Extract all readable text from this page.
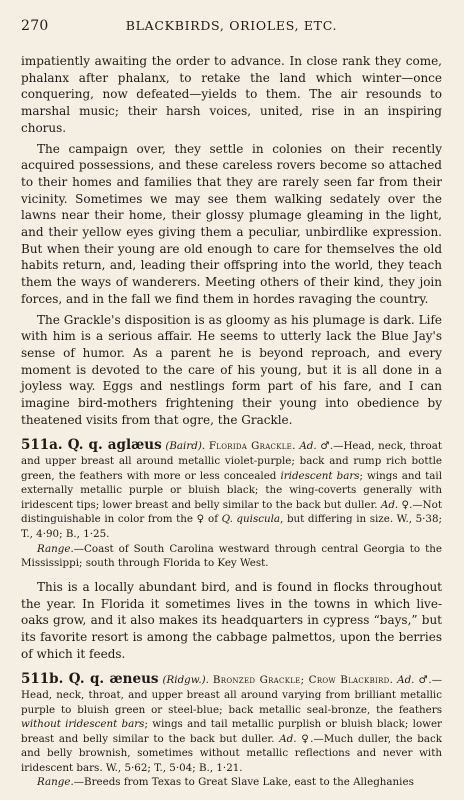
270	BLACKBIRDS, ORIOLES, ETC.

impatiently awaiting the order to advance. In close rank they come, phalanx after phalanx, to retake the land which winter—once conquering, now defeated—yields to them. The air resounds to marshal music; their harsh voices, united, rise in an inspiring chorus.

The campaign over, they settle in colonies on their recently acquired possessions, and these careless rovers become so attached to their homes and families that they are rarely seen far from their vicinity. Sometimes we may see them walking sedately over the lawns near their home, their glossy plumage gleaming in the light, and their yellow eyes giving them a peculiar, unbirdlike expression. But when their young are old enough to care for themselves the old habits return, and, leading their offspring into the world, they teach them the ways of wanderers. Meeting others of their kind, they join forces, and in the fall we find them in hordes ravaging the country.

The Grackle's disposition is as gloomy as his plumage is dark. Life with him is a serious affair. He seems to utterly lack the Blue Jay's sense of humor. As a parent he is beyond reproach, and every moment is devoted to the care of his young, but it is all done in a joyless way. Eggs and nestlings form part of his fare, and I can imagine bird-mothers frightening their young into obedience by theatened visits from that ogre, the Grackle.

511a. Q. q. aglæus (Baird). Florida Grackle. Ad. ♂.—Head, neck, throat and upper breast all around metallic violet-purple; back and rump rich bottle green, the feathers with more or less concealed iridescent bars; wings and tail externally metallic purple or bluish black; the wing-coverts generally with iridescent tips; lower breast and belly similar to the back but duller. Ad. ♀.—Not distinguishable in color from the ♀ of Q. quiscula, but differing in size. W., 5·38; T., 4·90; B., 1·25.

Range.—Coast of South Carolina westward through central Georgia to the Mississippi; south through Florida to Key West.

This is a locally abundant bird, and is found in flocks throughout the year. In Florida it sometimes lives in the towns in which live-oaks grow, and it also makes its headquarters in cypress “bays,” but its favorite resort is among the cabbage palmettos, upon the berries of which it feeds.

511b. Q. q. æneus (Ridgw.). Bronzed Grackle; Crow Blackbird. Ad. ♂.—Head, neck, throat, and upper breast all around varying from brilliant metallic purple to bluish green or steel-blue; back metallic seal-bronze, the feathers without iridescent bars; wings and tail metallic purplish or bluish black; lower breast and belly similar to the back but duller. Ad. ♀.—Much duller, the back and belly brownish, sometimes without metallic reflections and never with iridescent bars. W., 5·62; T., 5·04; B., 1·21.

Range.—Breeds from Texas to Great Slave Lake, east to the Alleghanies
